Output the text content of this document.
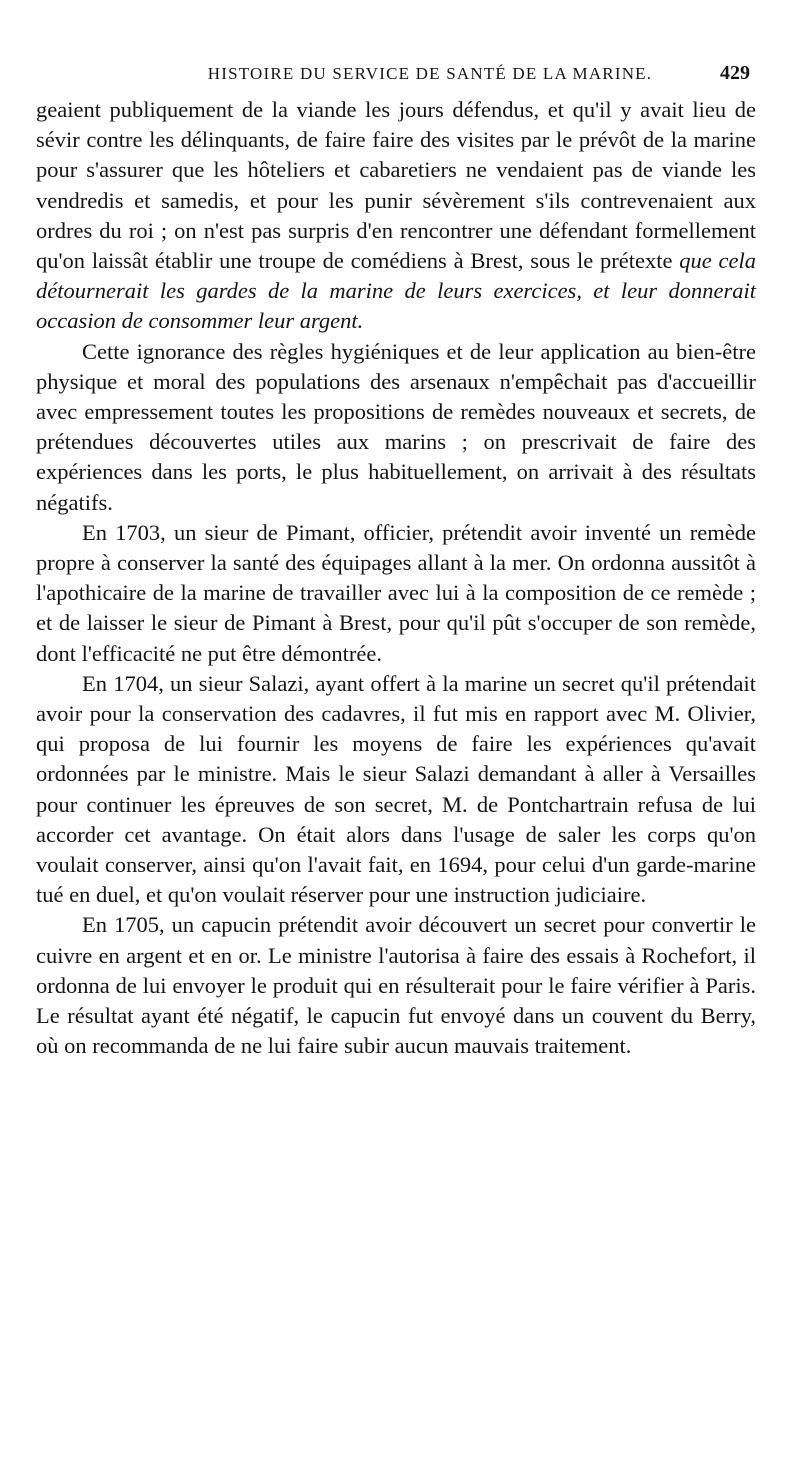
HISTOIRE DU SERVICE DE SANTÉ DE LA MARINE.	429

geaient publiquement de la viande les jours défendus, et qu'il y avait lieu de sévir contre les délinquants, de faire faire des visites par le prévôt de la marine pour s'assurer que les hôteliers et cabaretiers ne vendaient pas de viande les vendredis et samedis, et pour les punir sévèrement s'ils contrevenaient aux ordres du roi ; on n'est pas surpris d'en rencontrer une défendant formellement qu'on laissât établir une troupe de comédiens à Brest, sous le prétexte que cela détournerait les gardes de la marine de leurs exercices, et leur donnerait occasion de consommer leur argent.

Cette ignorance des règles hygiéniques et de leur application au bien-être physique et moral des populations des arsenaux n'empêchait pas d'accueillir avec empressement toutes les propositions de remèdes nouveaux et secrets, de prétendues découvertes utiles aux marins ; on prescrivait de faire des expériences dans les ports, le plus habituellement, on arrivait à des résultats négatifs.

En 1703, un sieur de Pimant, officier, prétendit avoir inventé un remède propre à conserver la santé des équipages allant à la mer. On ordonna aussitôt à l'apothicaire de la marine de travailler avec lui à la composition de ce remède ; et de laisser le sieur de Pimant à Brest, pour qu'il pût s'occuper de son remède, dont l'efficacité ne put être démontrée.

En 1704, un sieur Salazi, ayant offert à la marine un secret qu'il prétendait avoir pour la conservation des cadavres, il fut mis en rapport avec M. Olivier, qui proposa de lui fournir les moyens de faire les expériences qu'avait ordonnées par le ministre. Mais le sieur Salazi demandant à aller à Versailles pour continuer les épreuves de son secret, M. de Pontchartrain refusa de lui accorder cet avantage. On était alors dans l'usage de saler les corps qu'on voulait conserver, ainsi qu'on l'avait fait, en 1694, pour celui d'un garde-marine tué en duel, et qu'on voulait réserver pour une instruction judiciaire.

En 1705, un capucin prétendit avoir découvert un secret pour convertir le cuivre en argent et en or. Le ministre l'autorisa à faire des essais à Rochefort, il ordonna de lui envoyer le produit qui en résulterait pour le faire vérifier à Paris. Le résultat ayant été négatif, le capucin fut envoyé dans un couvent du Berry, où on recommanda de ne lui faire subir aucun mauvais traitement.
